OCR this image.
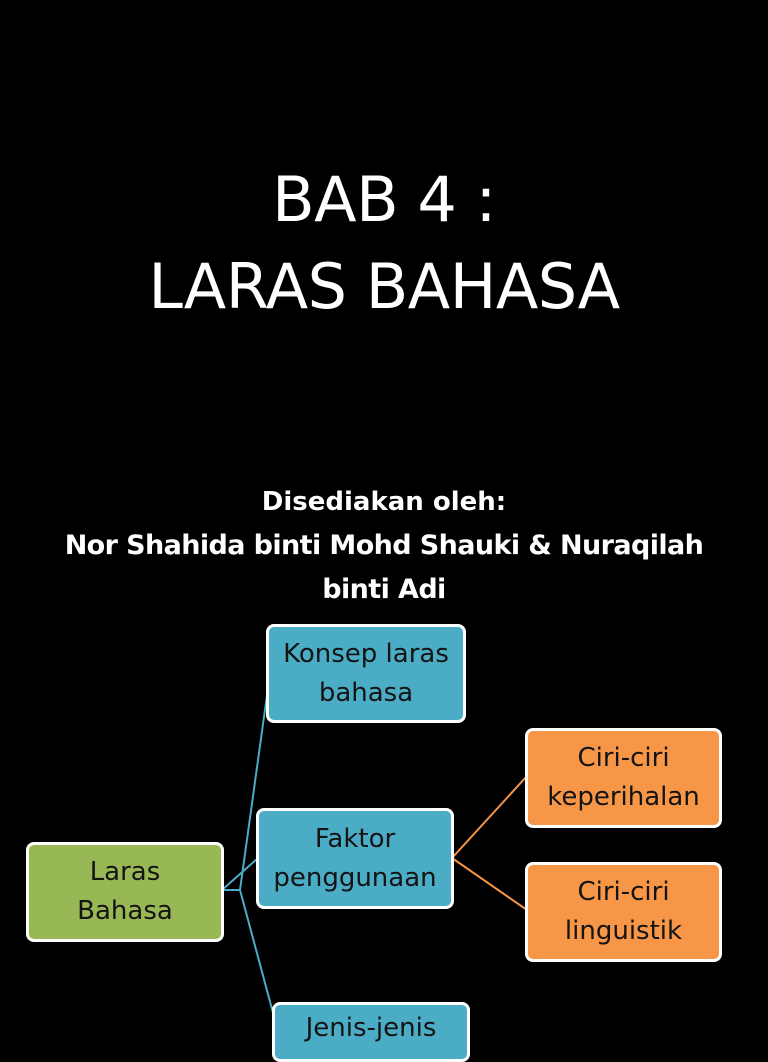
BAB 4 :
LARAS BAHASA
Disediakan oleh:
Nor Shahida binti Mohd Shauki & Nuraqilah
binti Adi
Laras
Bahasa
Konsep laras
bahasa
Faktor
penggunaan
Jenis-jenis
Ciri-ciri
keperihalan
Ciri-ciri
linguistik
